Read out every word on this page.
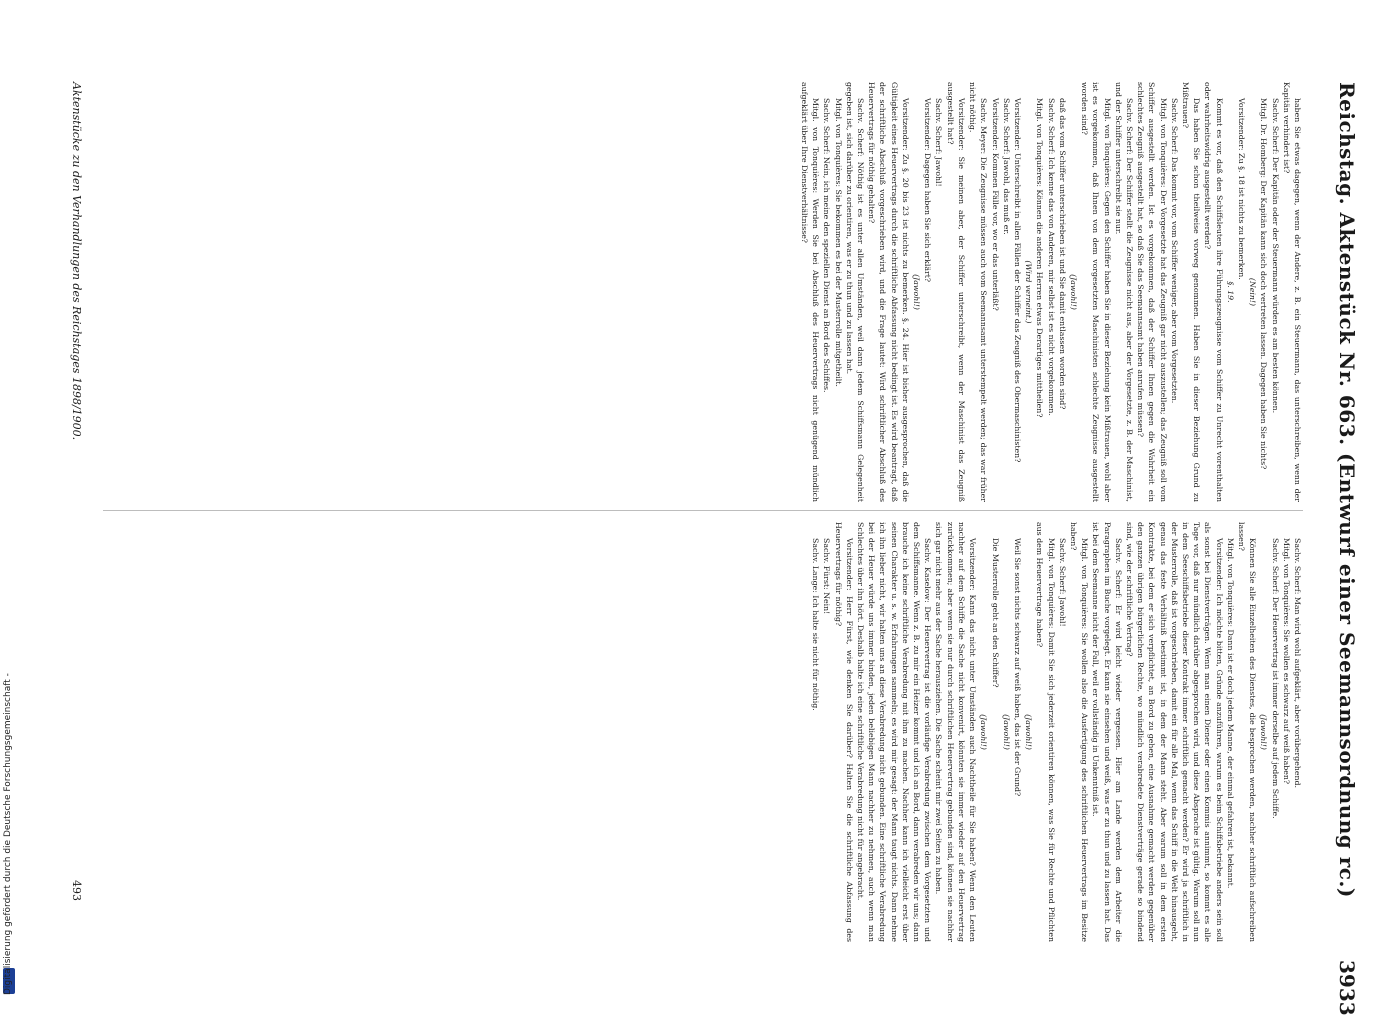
Digitalisierung gefördert durch die Deutsche Forschungsgemeinschaft -	Reichstag. Aktenstück Nr. 663. (Entwurf einer Seemannsordnung rc.)
3933

haben Sie etwas dagegen, wenn der Andere, z. B. ein Steuermann, das unterschreiben, wenn der Kapitän verhindert ist?

Sachv. Scherf: Der Kapitän oder der Steuermann würden es am besten können.

Mitgl. Dr. Homberg: Der Kapitän kann sich doch vertreten lassen. Dagegen haben Sie nichts?

(Nein!)

Vorsitzender: Zu §. 18 ist nichts zu bemerken.

§. 19.

Kommt es vor, daß den Schiffsleuten ihre Führungszeugnisse vom Schiffer zu Unrecht vorenthalten oder wahrheitswidrig ausgestellt werden?

Das haben Sie schon theilweise vorweg genommen. Haben Sie in dieser Beziehung Grund zu Mißtrauen?

Sachv. Scherf: Das kommt vor, vom Schiffer weniger, aber vom Vorgesetzten.

Mitgl. von Tonquières: Der Vorgesetzte hat das Zeugniß gar nicht auszustellen; das Zeugniß soll vom Schiffer ausgestellt werden. Ist es vorgekommen, daß der Schiffer Ihnen gegen die Wahrheit ein schlechtes Zeugniß ausgestellt hat, so daß Sie das Seemannsamt haben anrufen müssen?

Sachv. Scherf: Der Schiffer stellt die Zeugnisse nicht aus, aber der Vorgesetzte, z. B. der Maschinist, und der Schiffer unterschreibt sie nur.

Mitgl. von Tonquières: Gegen den Schiffer haben Sie in dieser Beziehung kein Mißtrauen, wohl aber ist es vorgekommen, daß Ihnen von dem vorgesetzten Maschinisten schlechte Zeugnisse ausgestellt worden sind?

(Jawohl!)

daß das vom Schiffer unterschrieben ist und Sie damit entlassen worden sind?

Sachv. Scherf: Ich kenne das von Anderen, mir selbst ist es nicht vorgekommen.

Mitgl. von Tonquières: Können die anderen Herren etwas Derartiges mittheilen?

(Wird verneint.)

Vorsitzender: Unterschreibt in allen Fällen der Schiffer das Zeugniß des Obermaschinisten?

Sachv. Scherf: Jawohl, das muß er.

Vorsitzender: Kommen Fälle vor, wo er das unterläßt?

Sachv. Meyer: Die Zeugnisse müssen auch vom Seemannsamt unterstempelt werden; das war früher nicht nöthig.

Vorsitzender: Sie meinen aber, der Schiffer unterschreibt, wenn der Maschinist das Zeugniß ausgestellt hat?

Sachv. Scherf: Jawohl!

Vorsitzender: Dagegen haben Sie sich erklärt?

(Jawohl!)

Vorsitzender: Zu §. 20 bis 23 ist nichts zu bemerken. §. 24. Hier ist bisher ausgesprochen, daß die Gültigkeit eines Heuervertrags durch die schriftliche Abfassung nicht bedingt ist. Es wird beantragt, daß der schriftliche Abschluß vorgeschrieben wird, und die Frage lautet: Wird schriftlicher Abschluß des Heuervertrags für nöthig gehalten?

Sachv. Scherf: Nöthig ist es unter allen Umständen, weil dann jedem Schiffsmann Gelegenheit gegeben ist, sich darüber zu orientiren, was er zu thun und zu lassen hat.

Mitgl. von Tonquières: Sie bekommen es bei der Musterrolle mitgetheilt.

Sachv. Scherf: Nein, ich meine den speziellen Dienst an Bord des Schiffes.

Mitgl. von Tonquières: Werden Sie bei Abschluß des Heuervertrags nicht genügend mündlich aufgeklärt über Ihre Dienstverhältnisse?

Sachv. Scherf: Man wird wohl aufgeklärt, aber vorübergehend.

Mitgl. von Tonquières: Sie wollen es schwarz auf weiß haben?

Sachv. Scherf: Der Heuervertrag ist immer derselbe auf jedem Schiffe.

(Jawohl!)

Können Sie alle Einzelheiten des Dienstes, die besprochen werden, nachher schriftlich aufschreiben lassen?

Mitgl. von Tonquières: Dann ist er doch jedem Manne, der einmal gefahren ist, bekannt.

Vorsitzender: Ich möchte bitten, Gründe anzuführen, warum es beim Schiffsbetriebe anders sein soll als sonst bei Dienstverträgen. Wenn man einen Diener oder einen Kommis annimmt, so kommt es alle Tage vor, daß nur mündlich darüber abgesprochen wird, und diese Absprache ist gültig. Warum soll nun in dem Seeschiffsbetriebe dieser Kontrakt immer schriftlich gemacht werden? Er wird ja schriftlich in der Musterrolle, daß ist vorgeschrieben, damit ein für alle Mal, wenn das Schiff in die Welt hinausgeht, genau das feste Verhältniß bestimmt ist, in dem der Mann steht. Aber warum soll in dem ersten Kontrakte, bei dem er sich verpflichtet, an Bord zu gehen, eine Ausnahme gemacht werden gegenüber den ganzen übrigen bürgerlichen Rechte, wo mündlich verabredete Dienstverträge gerade so bindend sind, wie der schriftliche Vertrag?

Sachv. Scherf: Er wird leicht wieder vergessen. Hier am Lande werden dem Arbeiter die Paragraphen im Buche vorgelegt. Er kann sie einsehen und weiß, was er zu thun und zu lassen hat. Das ist bei dem Seemanne nicht der Fall, weil er vollständig in Unkenntniß ist.

Mitgl. von Tonquières: Sie wollen also die Ausfertigung des schriftlichen Heuervertrags im Besitze haben?

Sachv. Scherf: Jawohl!

Mitgl. von Tonquières: Damit Sie sich jederzeit orientiren können, was Sie für Rechte und Pflichten aus dem Heuervertrage haben?

(Jawohl!)

Weil Sie sonst nichts schwarz auf weiß haben, das ist der Grund?

(Jawohl!)

Die Musterrolle geht an den Schiffer?

(Jawohl!)

Vorsitzender: Kann das nicht unter Umständen auch Nachtheile für Sie haben? Wenn den Leuten nachher auf dem Schiffe die Sache nicht konvenirt, könnten sie immer wieder auf den Heuervertrag zurückkommen; aber wenn sie nur durch schriftlichen Heuervertrag gebunden sind, können sie nachher sich gar nicht mehr aus der Sache herausziehen. Die Sache scheint mir zwei Seiten zu haben.

Sachv. Kaselow: Der Heuervertrag ist die vorläufige Verabredung zwischen dem Vorgesetzten und dem Schiffsmanne. Wenn z. B. zu mir ein Heizer kommt und ich an Bord, dann verabreden wir uns; dann brauche ich keine schriftliche Verabredung mit ihm zu machen. Nachher kann ich vielleicht erst über seinen Charakter u. s. w. Erfahrungen sammeln; es wird mir gesagt: der Mann taugt nichts. Dann nehme ich ihn lieber nicht, wir halten uns an diese Verabredung nicht gebunden. Eine schriftliche Verabredung bei der Heuer würde uns immer binden, jeden beliebigen Mann nachher zu nehmen, auch wenn man Schlechtes über ihn hört. Deshalb halte ich eine schriftliche Verabredung nicht für angebracht.

Vorsitzender: Herr Fürst, wie denken Sie darüber? Halten Sie die schriftliche Abfassung des Heuervertrags für nöthig?

Sachv. Fürst: Nein!

Sachv. Lange: Ich halte sie nicht für nöthig.

Aktenstücke zu den Verhandlungen des Reichstages 1898/1900.
493
